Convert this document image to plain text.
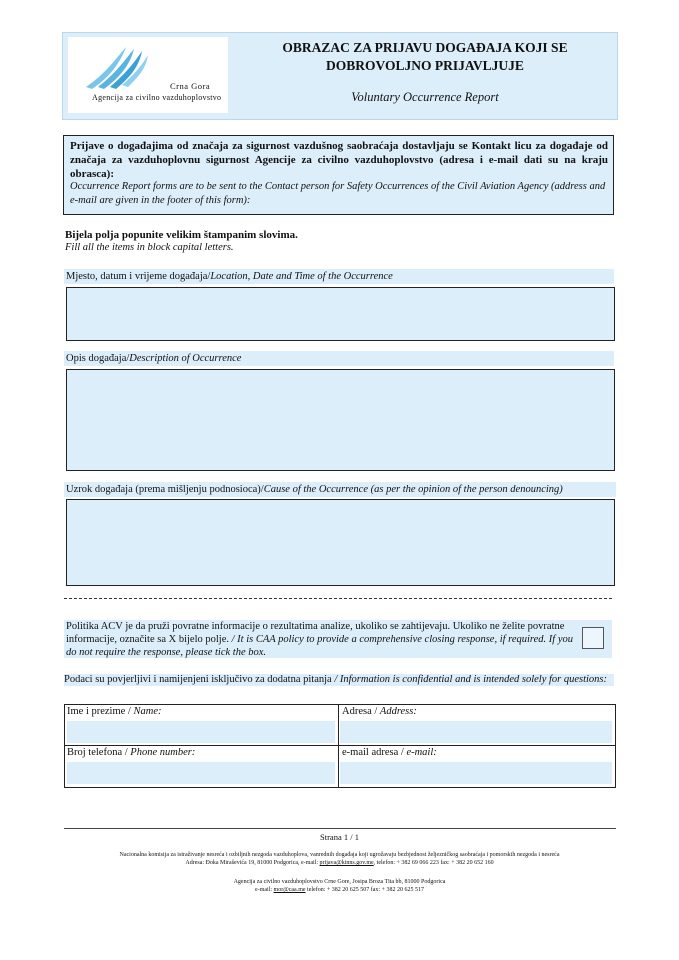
Crna Gora
Agencija za civilno vazduhoplovstvo
OBRAZAC ZA PRIJAVU DOGAĐAJA KOJI SE
DOBROVOLJNO PRIJAVLJUJE
Voluntary Occurrence Report
Prijave o događajima od značaja za sigurnost vazdušnog saobraćaja dostavljaju se Kontakt licu za događaje od značaja za vazduhoplovnu sigurnost Agencije za civilno vazduhoplovstvo (adresa i e-mail dati su na kraju obrasca):
Occurrence Report forms are to be sent to the Contact person for Safety Occurrences of the Civil Aviation Agency (address and e-mail are given in the footer of this form):
Bijela polja popunite velikim štampanim slovima.
Fill all the items in block capital letters.
Mjesto, datum i vrijeme događaja/Location, Date and Time of the Occurrence
Opis događaja/Description of Occurrence
Uzrok događaja (prema mišljenju podnosioca)/Cause of the Occurrence (as per the opinion of the person denouncing)
Politika ACV je da pruži povratne informacije o rezultatima analize, ukoliko se zahtijevaju. Ukoliko ne želite povratne informacije, označite sa X bijelo polje. / It is CAA policy to provide a comprehensive closing response, if required. If you do not require the response, please tick the box.
Podaci su povjerljivi i namijenjeni isključivo za dodatna pitanja / Information is confidential and is intended solely for questions:
Ime i prezime / Name:	Adresa / Address:
Broj telefona / Phone number:	e-mail adresa / e-mail:
Strana 1 / 1
Nacionalna komisija za istraživanje nesreća i ozbiljnih nezgoda vazduhoplova, vanrednih događaja koji ugrožavaju bezbjednost željezničkog saobraćaja i pomorskih nezgoda i nesreća
Adresa: Đoka Miraševića 19, 81000 Podgorica, e-mail: prijava@kinns.gov.me, telefon: + 382 69 066 223 fax: + 382 20 652 160
Agencija za civilno vazduhoplovstvo Crne Gore, Josipa Broza Tita bb, 81000 Podgorica
e-mail: mor@caa.me telefon: + 382 20 625 507 fax: + 382 20 625 517
